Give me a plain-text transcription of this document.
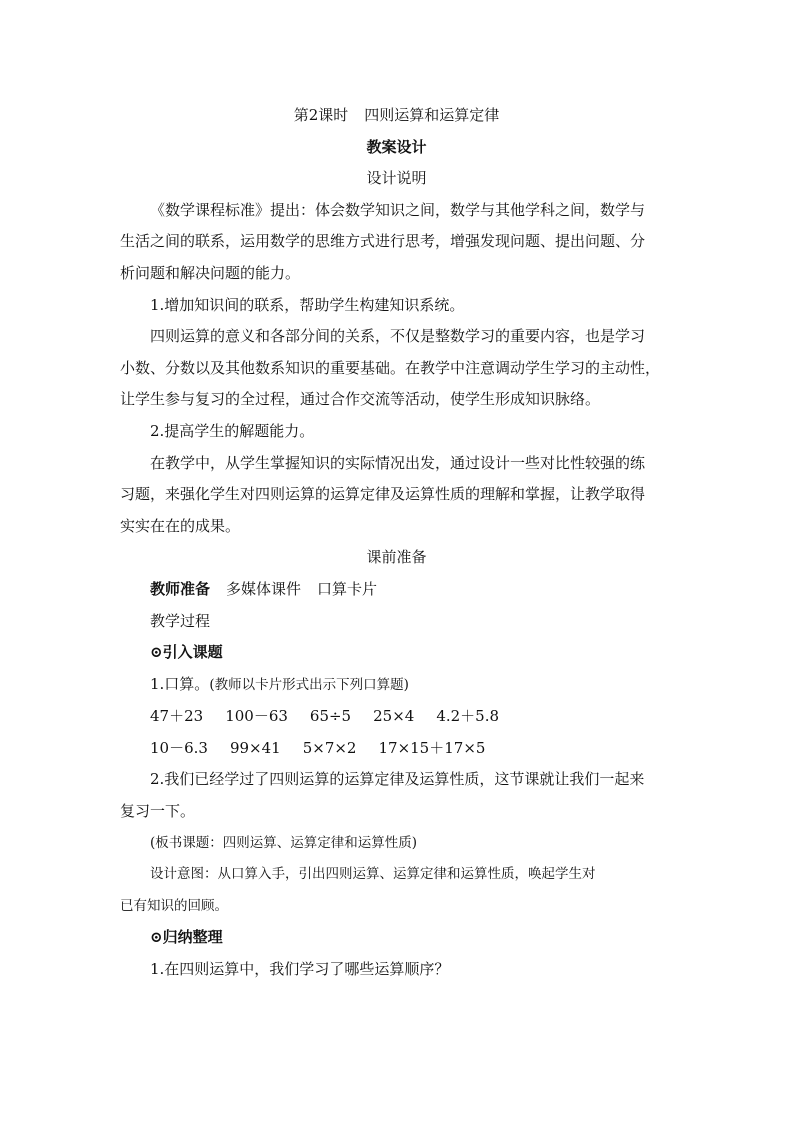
第2课时 四则运算和运算定律
教案设计
设计说明
《数学课程标准》提出：体会数学知识之间，数学与其他学科之间，数学与
生活之间的联系，运用数学的思维方式进行思考，增强发现问题、提出问题、分
析问题和解决问题的能力。
1.增加知识间的联系，帮助学生构建知识系统。
四则运算的意义和各部分间的关系，不仅是整数学习的重要内容，也是学习
小数、分数以及其他数系知识的重要基础。在教学中注意调动学生学习的主动性，
让学生参与复习的全过程，通过合作交流等活动，使学生形成知识脉络。
2.提高学生的解题能力。
在教学中，从学生掌握知识的实际情况出发，通过设计一些对比性较强的练
习题，来强化学生对四则运算的运算定律及运算性质的理解和掌握，让教学取得
实实在在的成果。
课前准备
教师准备 多媒体课件 口算卡片
教学过程
⊙引入课题
1.口算。(教师以卡片形式出示下列口算题)
47＋23 100－63 65÷5 25×4 4.2＋5.8
10－6.3 99×41 5×7×2 17×15＋17×5
2.我们已经学过了四则运算的运算定律及运算性质，这节课就让我们一起来
复习一下。
(板书课题：四则运算、运算定律和运算性质)
设计意图：从口算入手，引出四则运算、运算定律和运算性质，唤起学生对
已有知识的回顾。
⊙归纳整理
1.在四则运算中，我们学习了哪些运算顺序？
